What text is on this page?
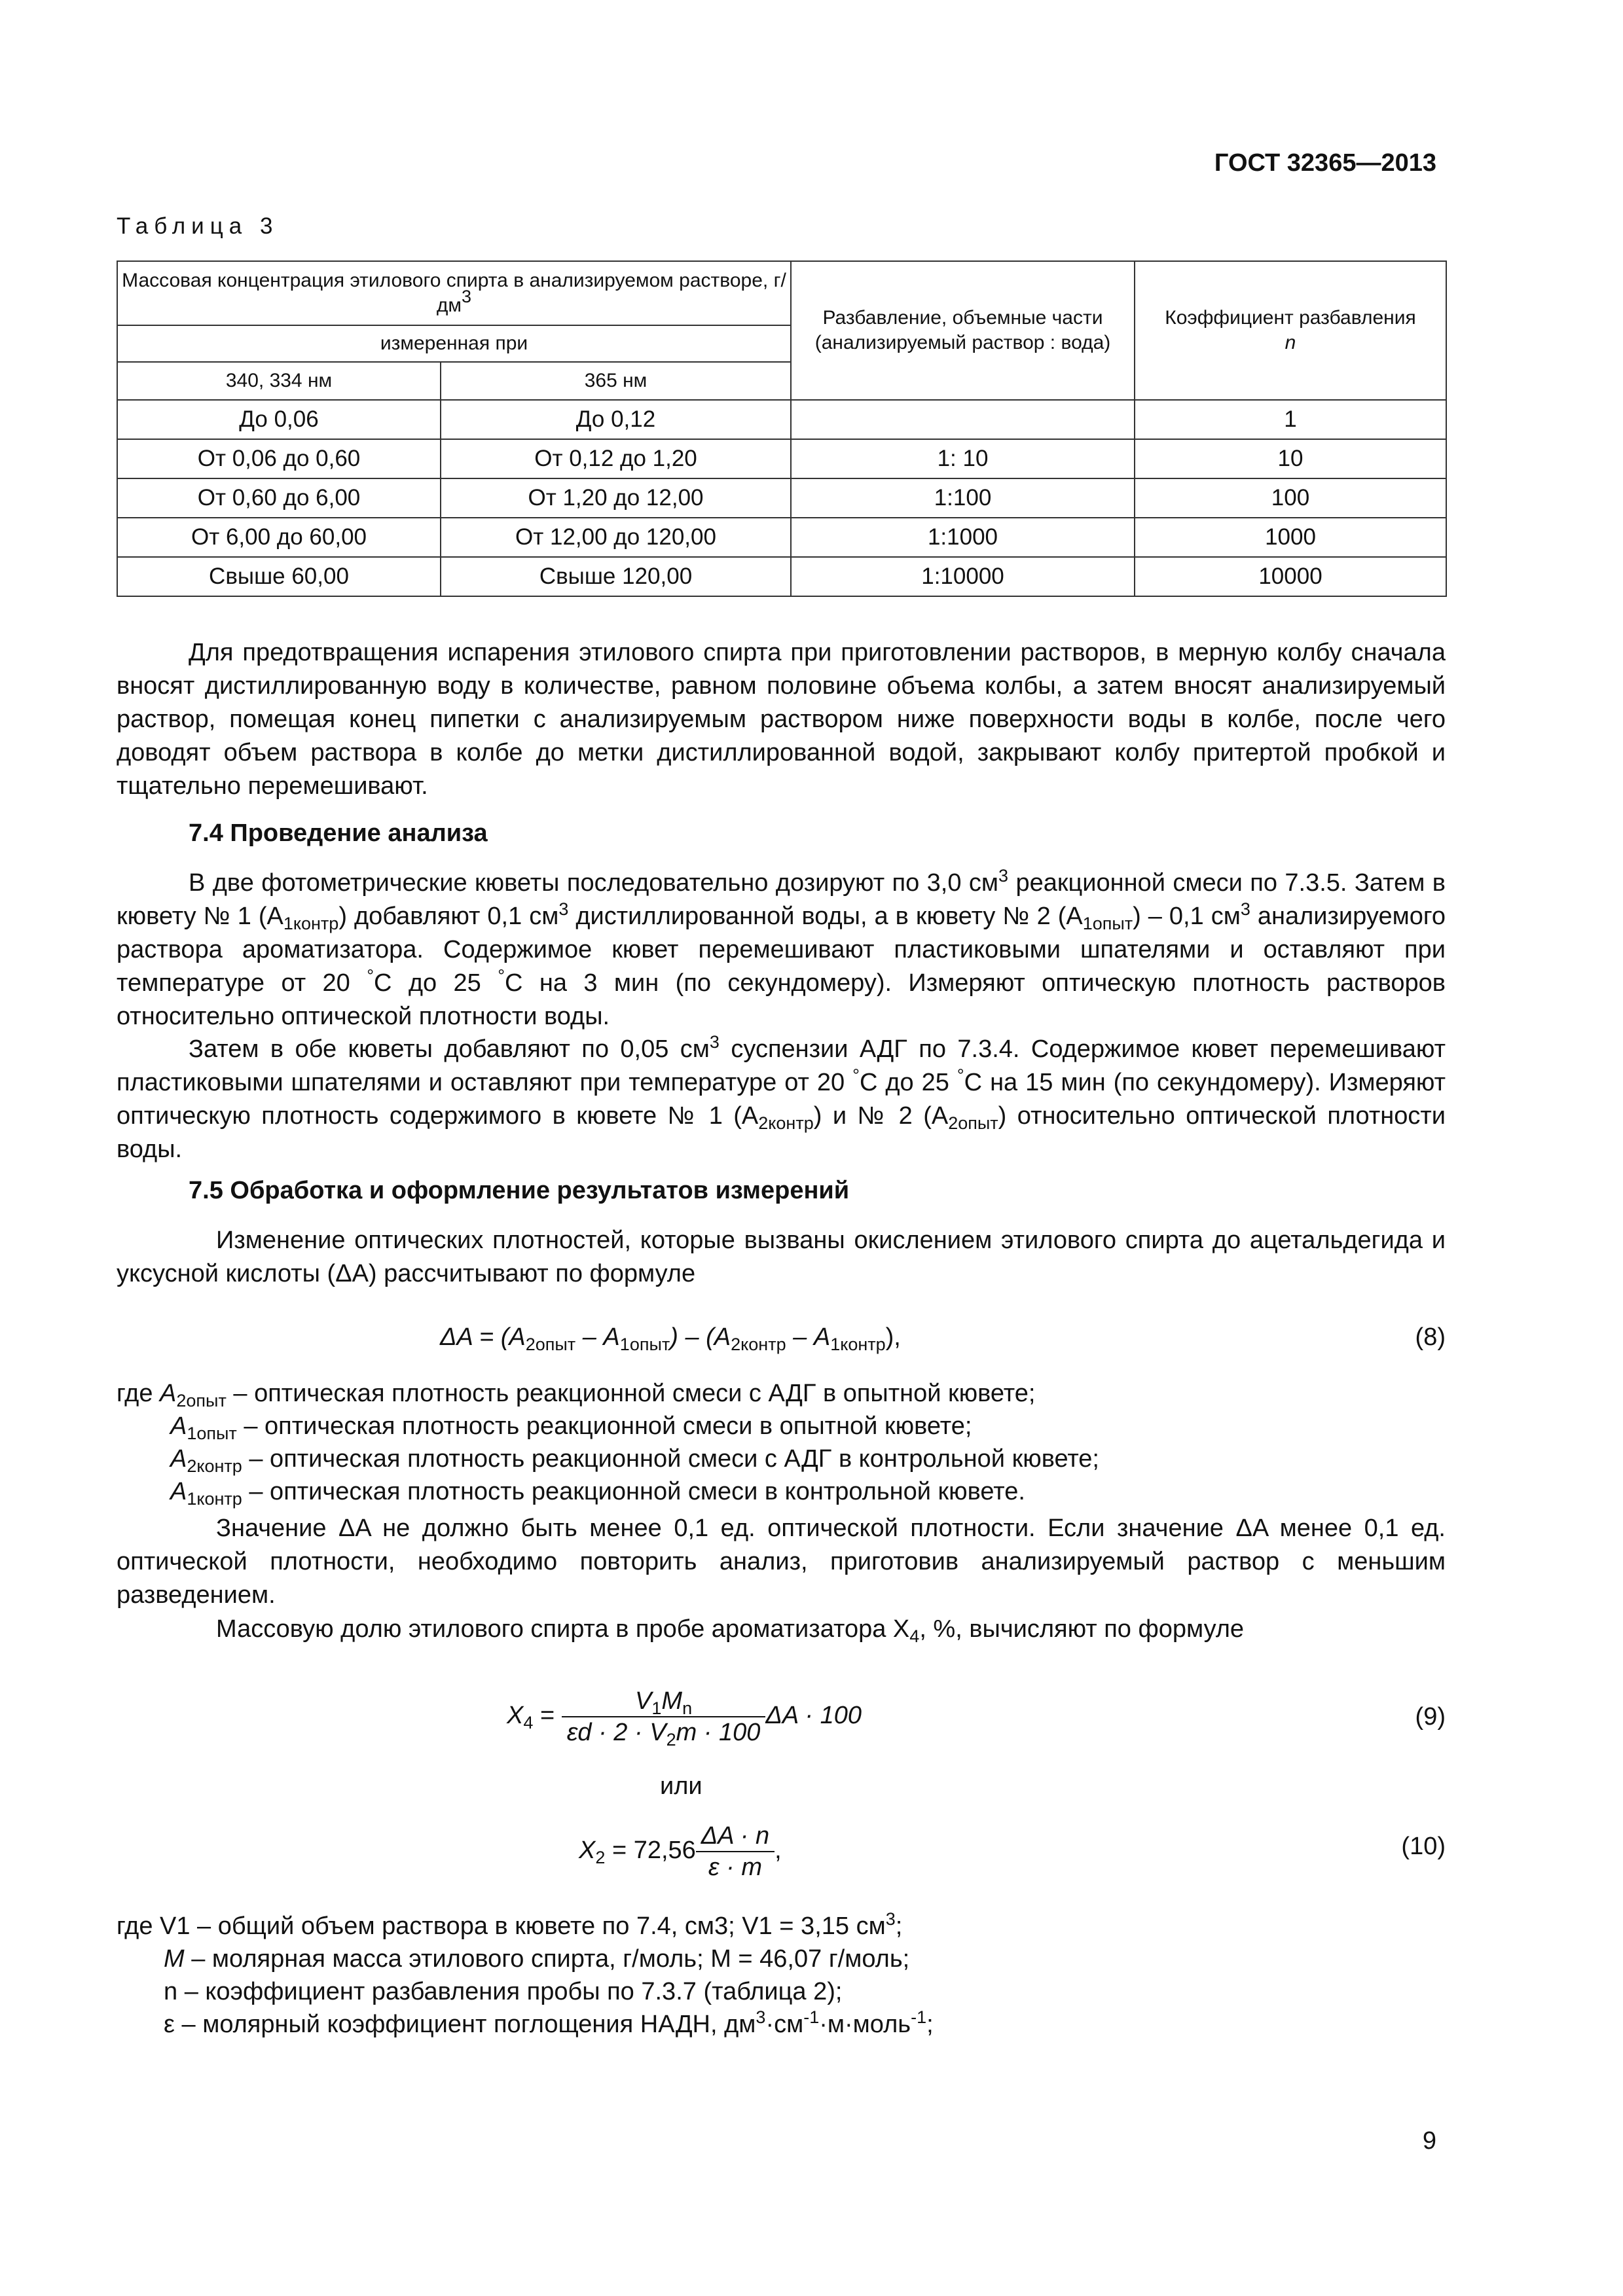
ГОСТ 32365—2013
Таблица 3
Массовая концентрация этилового спирта в анализируемом растворе, $г/дм^3$		Разбавление, объемные части (анализируемый раствор : вода)	Коэффициент разбавления
n
измеренная при			
340, 334 нм	365 нм		
До 0,06	До 0,12		1
От 0,06 до 0,60	От 0,12 до 1,20	1: 10	10
От 0,60 до 6,00	От 1,20 до 12,00	1:100	100
От 6,00 до 60,00	От 12,00 до 120,00	1:1000	1000
Свыше 60,00	Свыше 120,00	1:10000	10000
Для предотвращения испарения этилового спирта при приготовлении растворов, в мерную колбу сначала вносят дистиллированную воду в количестве, равном половине объема колбы, а затем вносят анализируемый раствор, помещая конец пипетки с анализируемым раствором ниже поверхности воды в колбе, после чего доводят объем раствора в колбе до метки дистиллированной водой, закрывают колбу притертой пробкой и тщательно перемешивают.
7.4 Проведение анализа
В две фотометрические кюветы последовательно дозируют по 3,0 $см^3$ реакционной смеси по 7.3.5. Затем в кювету № 1 $(A_{1контр})$ добавляют 0,1 $см^3$ дистиллированной воды, а в кювету № 2 $(A_{1опыт}) - 0,1$ $см^3$ анализируемого раствора ароматизатора. Содержимое кювет перемешивают пластиковыми шпателями и оставляют при температуре от 20 °С до 25 °С на 3 мин (по секундомеру). Измеряют оптическую плотность растворов относительно оптической плотности воды.
Затем в обе кюветы добавляют по 0,05 $см^3$ суспензии АДГ по 7.3.4. Содержимое кювет перемешивают пластиковыми шпателями и оставляют при температуре от 20 °С до 25 °С на 15 мин (по секундомеру). Измеряют оптическую плотность содержимого в кювете № 1 $(A_{2контр})$ и № 2 $(A_{2опыт})$ относительно оптической плотности воды.
7.5 Обработка и оформление результатов измерений
Изменение оптических плотностей, которые вызваны окислением этилового спирта до ацетальдегида и уксусной кислоты (ΔA) рассчитывают по формуле
$\Delta A = (A_{2опыт} - A_{1опыт}) - (A_{2контр} - A_{1контр})$,	(8)
где $A_{2опыт}$ – оптическая плотность реакционной смеси с АДГ в опытной кювете;
$A_{1опыт}$ – оптическая плотность реакционной смеси в опытной кювете;
$A_{2контр}$ – оптическая плотность реакционной смеси с АДГ в контрольной кювете;
$A_{1контр}$ – оптическая плотность реакционной смеси в контрольной кювете.
Значение ΔA не должно быть менее 0,1 ед. оптической плотности. Если значение ΔA менее 0,1 ед. оптической плотности, необходимо повторить анализ, приготовив анализируемый раствор с меньшим разведением.
Массовую долю этилового спирта в пробе ароматизатора $X_4$, %, вычисляют по формуле
$X_4 = \frac{V_1M_n}{\varepsilon d \cdot 2 \cdot V_2m \cdot 100}$ ΔA · 100	(9)
или
$X_2 = 72,56 \frac{\Delta A \cdot n}{\varepsilon \cdot m}$ ,	(10)
где V1 – общий объем раствора в кювете по 7.4, см3; V1 = 3,15 $см^3$;
M – молярная масса этилового спирта, г/моль; M = 46,07 г/моль;
n – коэффициент разбавления пробы по 7.3.7 (таблица 2);
ε – молярный коэффициент поглощения НАДН, $дм^3\cdot см^{-1}\cdot м\cdot моль^{-1}$;
9
